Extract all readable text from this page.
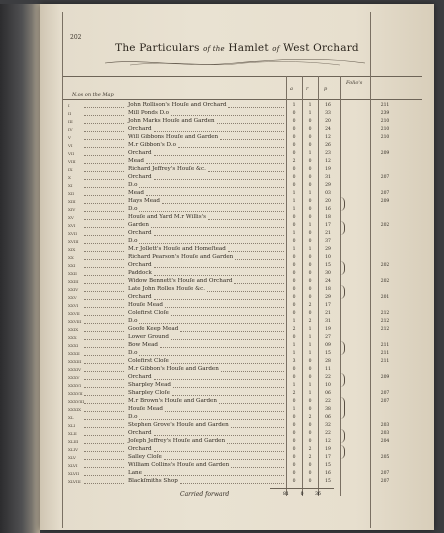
202
The Particulars of the Hamlet of West Orchard
N.os on the Map
a	r	p
Folio's
I	John Rollison's Houſe and Orchard	1	1	16	211
II	Mill Ponds D.o	0	1	33	239
III	John Marks Houſe and Garden	0	0	20	210
IV	Orchard	0	0	24	210
V	Will Gibbons Houſe and Garden	0	0	12	210
VI	M.r Gibbon's D.o	0	0	26
VII	Orchard	0	1	23	209
VIII	Mead	2	0	12
IX	Richard Jeffrey's Houſe &c.	0	0	19
X	Orchard	0	0	31	207
XI	D.o	0	0	29
XII	Mead	1	1	03	207
XIII	Hays Mead	1	0	20	209
XIV	D.o	1	0	16
XV	Houſe and Yard M.r Willis's	0	0	18
XVI	Garden	0	1	17	202
XVII	Orchard	1	0	21
XVIII	D.o	0	0	37
XIX	M.r Jollett's Houſe and Homeſtead	1	1	29
XX	Richard Pearson's Houſe and Garden	0	0	10
XXI	Orchard	0	0	15	202
XXII	Paddock	0	0	30
XXIII	Widow Bennett's Houſe and Orchard	0	0	24	202
XXIV	Late John Rolles Houſe &c.	0	0	18
XXV	Orchard	0	0	29	201
XXVI	Houſe Mead	0	2	17
XXVII	Colefirst Cloſe	0	0	21	212
XXVIII	D.o	1	2	31	212
XXIX	Goofe Keep Mead	2	1	19	212
XXX	Lower Ground	0	1	27
XXXI	Bow Mead	1	1	09	211
XXXII	D.o	1	1	15	211
XXXIII	Colefirst Cloſe	3	0	28	211
XXXIV	M.r Gibbon's Houſe and Garden	0	0	11
XXXV	Orchard	0	0	22	209
XXXVI	Sharpley Mead	1	1	10
XXXVII	Sharpley Cloſe	2	1	06	207
XXXVIII	M.r Brown's Houſe and Garden	0	0	22	207
XXXIX	Houſe Mead	1	0	38
XL	D.o	0	2	06
XLI	Stephen Grove's Houſe and Garden	0	0	32	203
XLII	Orchard	0	0	22	203
XLIII	Joſeph Jeffrey's Houſe and Garden	0	0	12	204
XLIV	Orchard	0	2	19
XLV	Salley Cloſe	0	2	17	205
XLVI	William Collins's Houſe and Garden	0	0	15
XLVII	Lane	0	0	16	207
XLVIII	Blackſmiths Shop	0	0	15	207
Carried forward	81	0	36
